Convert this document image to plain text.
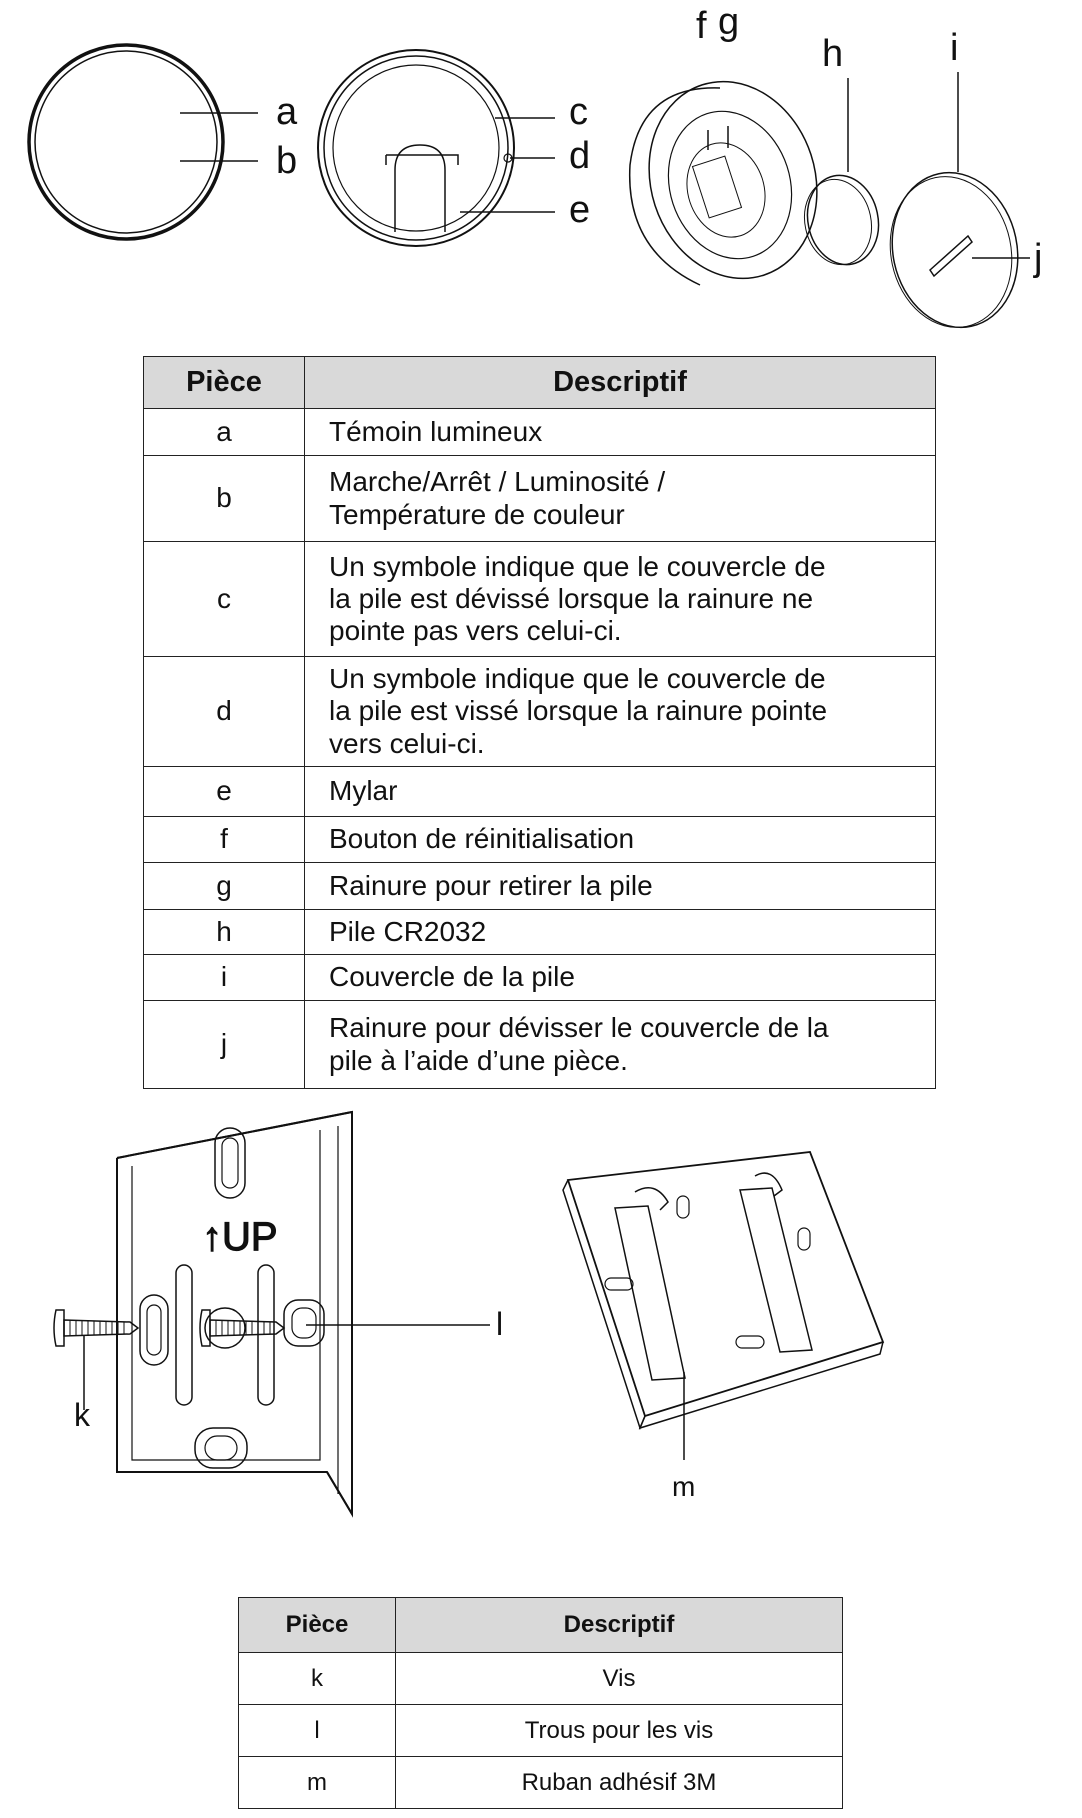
a
b
c
d
e
f g
h	i
j
Pièce	Descriptif
a	Témoin lumineux
b	Marche/Arrêt / Luminosité /
Température de couleur
c	Un symbole indique que le couvercle de
la pile est dévissé lorsque la rainure ne
pointe pas vers celui-ci.
d	Un symbole indique que le couvercle de
la pile est vissé lorsque la rainure pointe
vers celui-ci.
e	Mylar
f	Bouton de réinitialisation
g	Rainure pour retirer la pile
h	Pile CR2032
i	Couvercle de la pile
j	Rainure pour dévisser le couvercle de la
pile à l’aide d’une pièce.
↑UP
k
l
m
Pièce	Descriptif
k	Vis
l	Trous pour les vis
m	Ruban adhésif 3M
